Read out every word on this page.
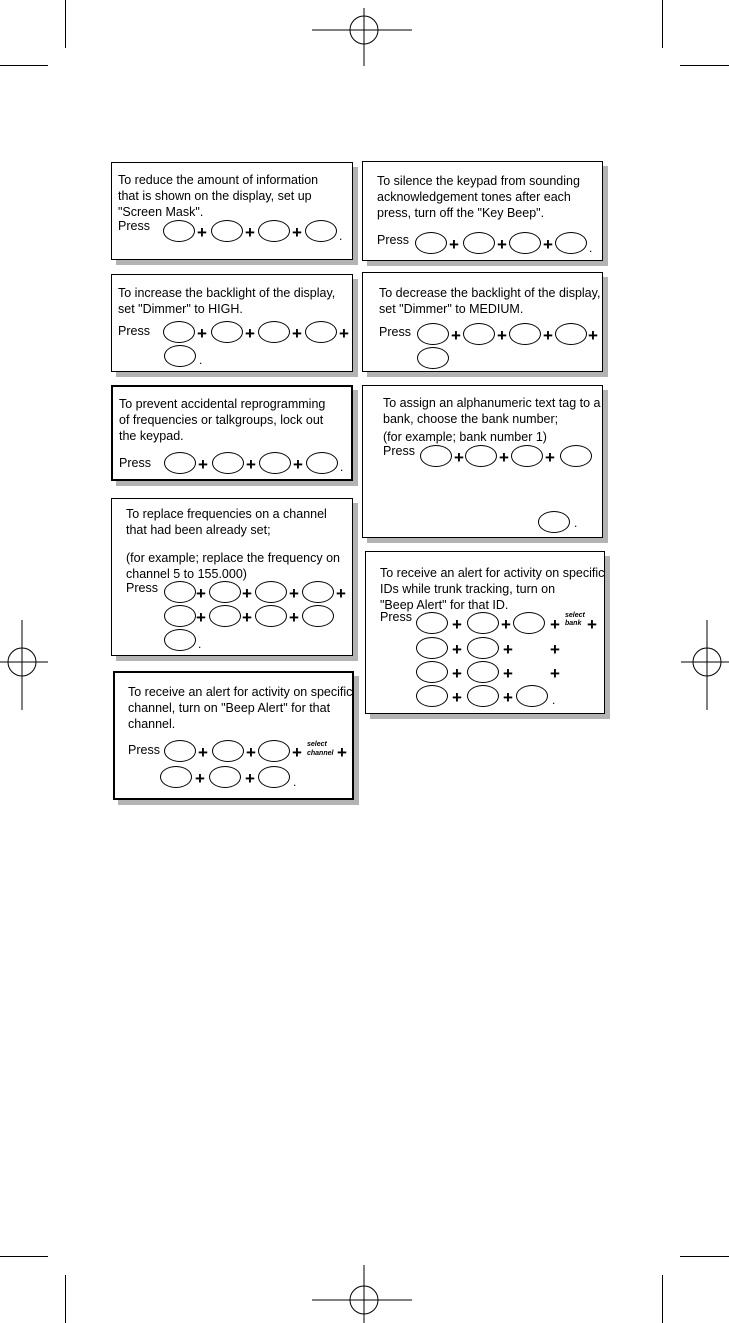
To reduce the amount of information
that is shown on the display, set up
"Screen Mask".
Press	+ + +	.
To silence the keypad from sounding
acknowledgement tones after each
press, turn off the "Key Beep".
Press + + +	.
To increase the backlight of the display,
set "Dimmer" to HIGH.
Press	+ + + +
.
To decrease the backlight of the display,
set "Dimmer" to MEDIUM.
Press + + + +
To prevent accidental reprogramming
of frequencies or talkgroups, lock out
the keypad.
Press	+ + +	.
To assign an alphanumeric text tag to a
bank, choose the bank number;
(for example; bank number 1)
Press + + +
.
To replace frequencies on a channel
that had been already set;
(for example; replace the frequency on
channel 5 to 155.000)
Press + + + +
+ + +
.
To receive an alert for activity on specific
IDs while trunk tracking, turn on
"Beep Alert" for that ID.
Press + + + select
bank +
+ + +
+ + +
+ +	.
To receive an alert for activity on specific
channel, turn on "Beep Alert" for that
channel.
Press + + + select
channel +
+ +	.
